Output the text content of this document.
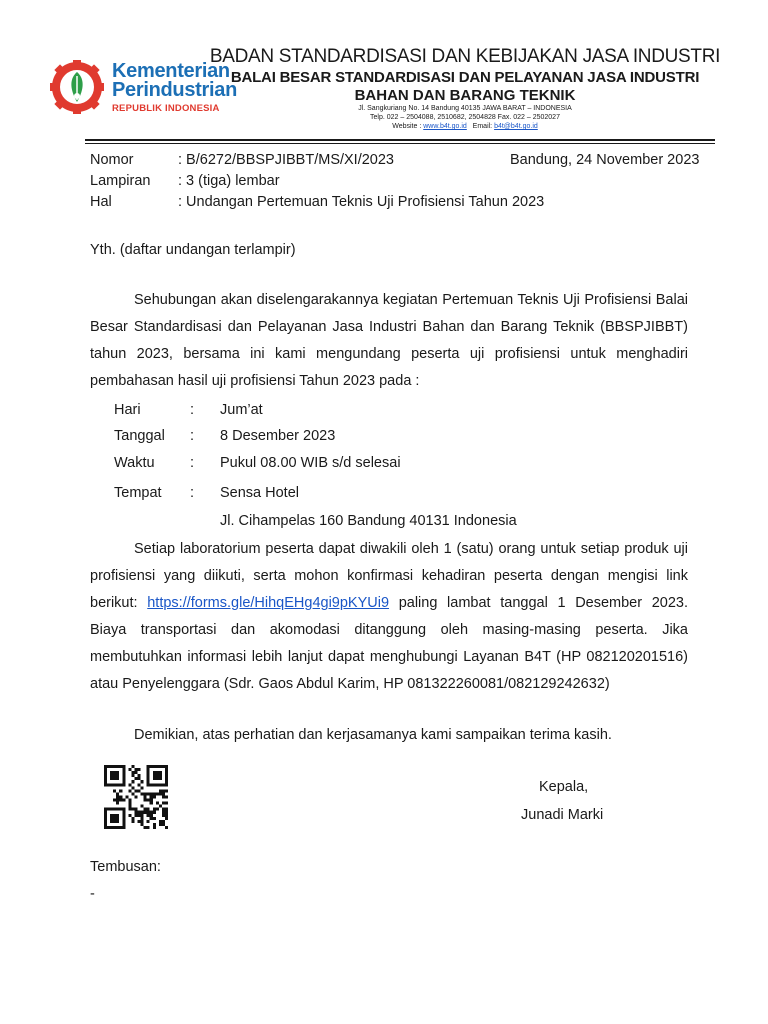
Kementerian
Perindustrian
REPUBLIK INDONESIA
BADAN STANDARDISASI DAN KEBIJAKAN JASA INDUSTRI
BALAI BESAR STANDARDISASI DAN PELAYANAN JASA INDUSTRI
BAHAN DAN BARANG TEKNIK
Jl. Sangkuriang No. 14 Bandung 40135 JAWA BARAT – INDONESIA
Telp. 022 – 2504088, 2510682, 2504828 Fax. 022 – 2502027
Website : www.b4t.go.id Email: b4t@b4t.go.id
Nomor	: B/6272/BBSPJIBBT/MS/XI/2023	Bandung, 24 November 2023
Lampiran : 3 (tiga) lembar
Hal	: Undangan Pertemuan Teknis Uji Profisiensi Tahun 2023
Yth. (daftar undangan terlampir)
Sehubungan akan diselengarakannya kegiatan Pertemuan Teknis Uji Profisiensi Balai Besar Standardisasi dan Pelayanan Jasa Industri Bahan dan Barang Teknik (BBSPJIBBT) tahun 2023, bersama ini kami mengundang peserta uji profisiensi untuk menghadiri pembahasan hasil uji profisiensi Tahun 2023 pada :
Hari	: Jum’at
Tanggal : 8 Desember 2023
Waktu : Pukul 08.00 WIB s/d selesai
Tempat : Sensa Hotel
Jl. Cihampelas 160 Bandung 40131 Indonesia
Setiap laboratorium peserta dapat diwakili oleh 1 (satu) orang untuk setiap produk uji profisiensi yang diikuti, serta mohon konfirmasi kehadiran peserta dengan mengisi link berikut: https://forms.gle/HihqEHg4gi9pKYUi9 paling lambat tanggal 1 Desember 2023. Biaya transportasi dan akomodasi ditanggung oleh masing-masing peserta. Jika membutuhkan informasi lebih lanjut dapat menghubungi Layanan B4T (HP 082120201516) atau Penyelenggara (Sdr. Gaos Abdul Karim, HP 081322260081/082129242632)
Demikian, atas perhatian dan kerjasamanya kami sampaikan terima kasih.
Kepala,
Junadi Marki
Tembusan:
-
